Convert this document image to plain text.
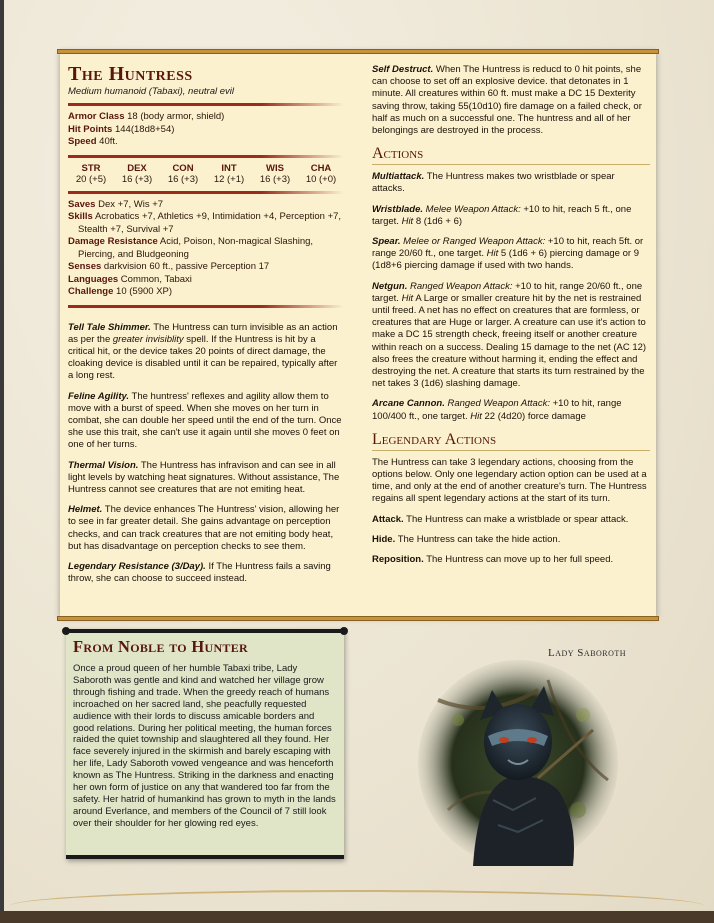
The Huntress
Medium humanoid (Tabaxi), neutral evil
Armor Class 18 (body armor, shield)
Hit Points 144(18d8+54)
Speed 40ft.
STR
20 (+5)
DEX
16 (+3)
CON
16 (+3)
INT
12 (+1)
WIS
16 (+3)
CHA
10 (+0)
Saves Dex +7, Wis +7
Skills Acrobatics +7, Athletics +9, Intimidation +4, Perception +7, Stealth +7, Survival +7
Damage Resistance Acid, Poison, Non-magical Slashing, Piercing, and Bludgeoning
Senses darkvision 60 ft., passive Perception 17
Languages Common, Tabaxi
Challenge 10 (5900 XP)

Tell Tale Shimmer. The Huntress can turn invisible as an action as per the greater invisiblity spell. If the Huntress is hit by a critical hit, or the device takes 20 points of direct damage, the cloaking device is disabled until it can be repaired, typically after a long rest.

Feline Agility. The huntress' reflexes and agility allow them to move with a burst of speed. When she moves on her turn in combat, she can double her speed until the end of the turn. Once she use this trait, she can't use it again until she moves 0 feet on one of her turns.

Thermal Vision. The Huntress has infravison and can see in all light levels by watching heat signatures. Without assistance, The Huntress cannot see creatures that are not emiting heat.

Helmet. The device enhances The Huntress' vision, allowing her to see in far greater detail. She gains advantage on perception checks, and can track creatures that are not emiting body heat, but has disadvantage on perception checks to see them.

Legendary Resistance (3/Day). If The Huntress fails a saving throw, she can choose to succeed instead.

Self Destruct. When The Huntress is reducd to 0 hit points, she can choose to set off an explosive device. that detonates in 1 minute. All creatures within 60 ft. must make a DC 15 Dexterity saving throw, taking 55(10d10) fire damage on a failed check, or half as much on a successful one. The huntress and all of her belongings are destroyed in the process.

Actions

Multiattack. The Huntress makes two wristblade or spear attacks.

Wristblade. Melee Weapon Attack: +10 to hit, reach 5 ft., one target. Hit 8 (1d6 + 6)

Spear. Melee or Ranged Weapon Attack: +10 to hit, reach 5ft. or range 20/60 ft., one target. Hit 5 (1d6 + 6) piercing damage or 9 (1d8+6 piercing damage if used with two hands.

Netgun. Ranged Weapon Attack: +10 to hit, range 20/60 ft., one target. Hit A Large or smaller creature hit by the net is restrained until freed. A net has no effect on creatures that are formless, or creatures that are Huge or larger. A creature can use it's action to make a DC 15 strength check, freeing itself or another creature within reach on a success. Dealing 15 damage to the net (AC 12) also frees the creature without harming it, ending the effect and destroying the net. A creature that starts its turn restrained by the net takes 3 (1d6) slashing damage.

Arcane Cannon. Ranged Weapon Attack: +10 to hit, range 100/400 ft., one target. Hit 22 (4d20) force damage

Legendary Actions

The Huntress can take 3 legendary actions, choosing from the options below. Only one legendary action option can be used at a time, and only at the end of another creature's turn. The Huntress regains all spent legendary actions at the start of its turn.

Attack. The Huntress can make a wristblade or spear attack.

Hide. The Huntress can take the hide action.

Reposition. The Huntress can move up to her full speed.

From Noble to Hunter

Once a proud queen of her humble Tabaxi tribe, Lady Saboroth was gentle and kind and watched her village grow through fishing and trade. When the greedy reach of humans incroached on her sacred land, she peacfully requested audience with their lords to discuss amicable borders and good relations. During her political meeting, the human forces raided the quiet township and slaughtered all they found. Her face severely injured in the skirmish and barely escaping with her life, Lady Saboroth vowed vengeance and was henceforth known as The Huntress. Striking in the darkness and enacting her own form of justice on any that wandered too far from the safety. Her hatrid of humankind has grown to myth in the lands around Everlance, and members of the Council of 7 still look over their shoulder for her glowing red eyes.

Lady Saboroth
